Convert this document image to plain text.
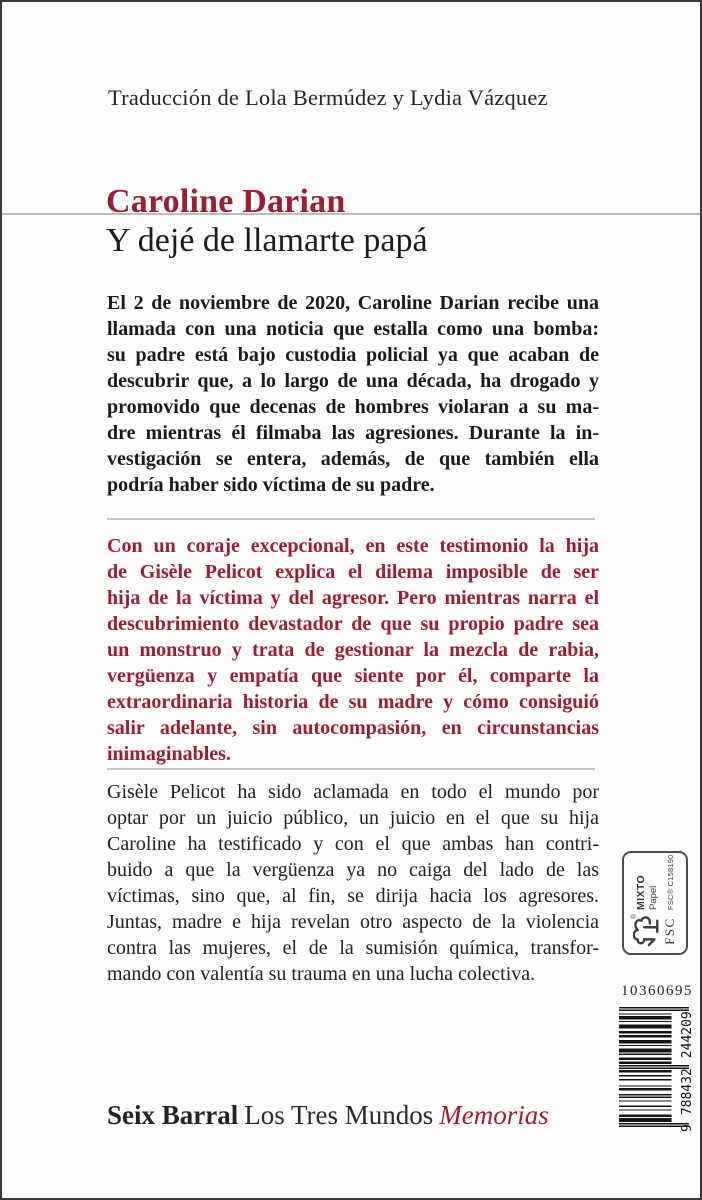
Traducción de Lola Bermúdez y Lydia Vázquez
Caroline Darian
Y dejé de llamarte papá
El 2 de noviembre de 2020, Caroline Darian recibe una
llamada con una noticia que estalla como una bomba:
su padre está bajo custodia policial ya que acaban de
descubrir que, a lo largo de una década, ha drogado y
promovido que decenas de hombres violaran a su ma-
dre mientras él filmaba las agresiones. Durante la in-
vestigación se entera, además, de que también ella
podría haber sido víctima de su padre.
Con un coraje excepcional, en este testimonio la hija
de Gisèle Pelicot explica el dilema imposible de ser
hija de la víctima y del agresor. Pero mientras narra el
descubrimiento devastador de que su propio padre sea
un monstruo y trata de gestionar la mezcla de rabia,
vergüenza y empatía que siente por él, comparte la
extraordinaria historia de su madre y cómo consiguió
salir adelante, sin autocompasión, en circunstancias
inimaginables.
Gisèle Pelicot ha sido aclamada en todo el mundo por
optar por un juicio público, un juicio en el que su hija
Caroline ha testificado y con el que ambas han contri-
buido a que la vergüenza ya no caiga del lado de las
víctimas, sino que, al fin, se dirija hacia los agresores.
Juntas, madre e hija revelan otro aspecto de la violencia
contra las mujeres, el de la sumisión química, transfor-
mando con valentía su trauma en una lucha colectiva.
Seix Barral Los Tres Mundos Memorias
®
FSC
MIXTO Papel FSC® C158190
10360695
9
788432
244209
